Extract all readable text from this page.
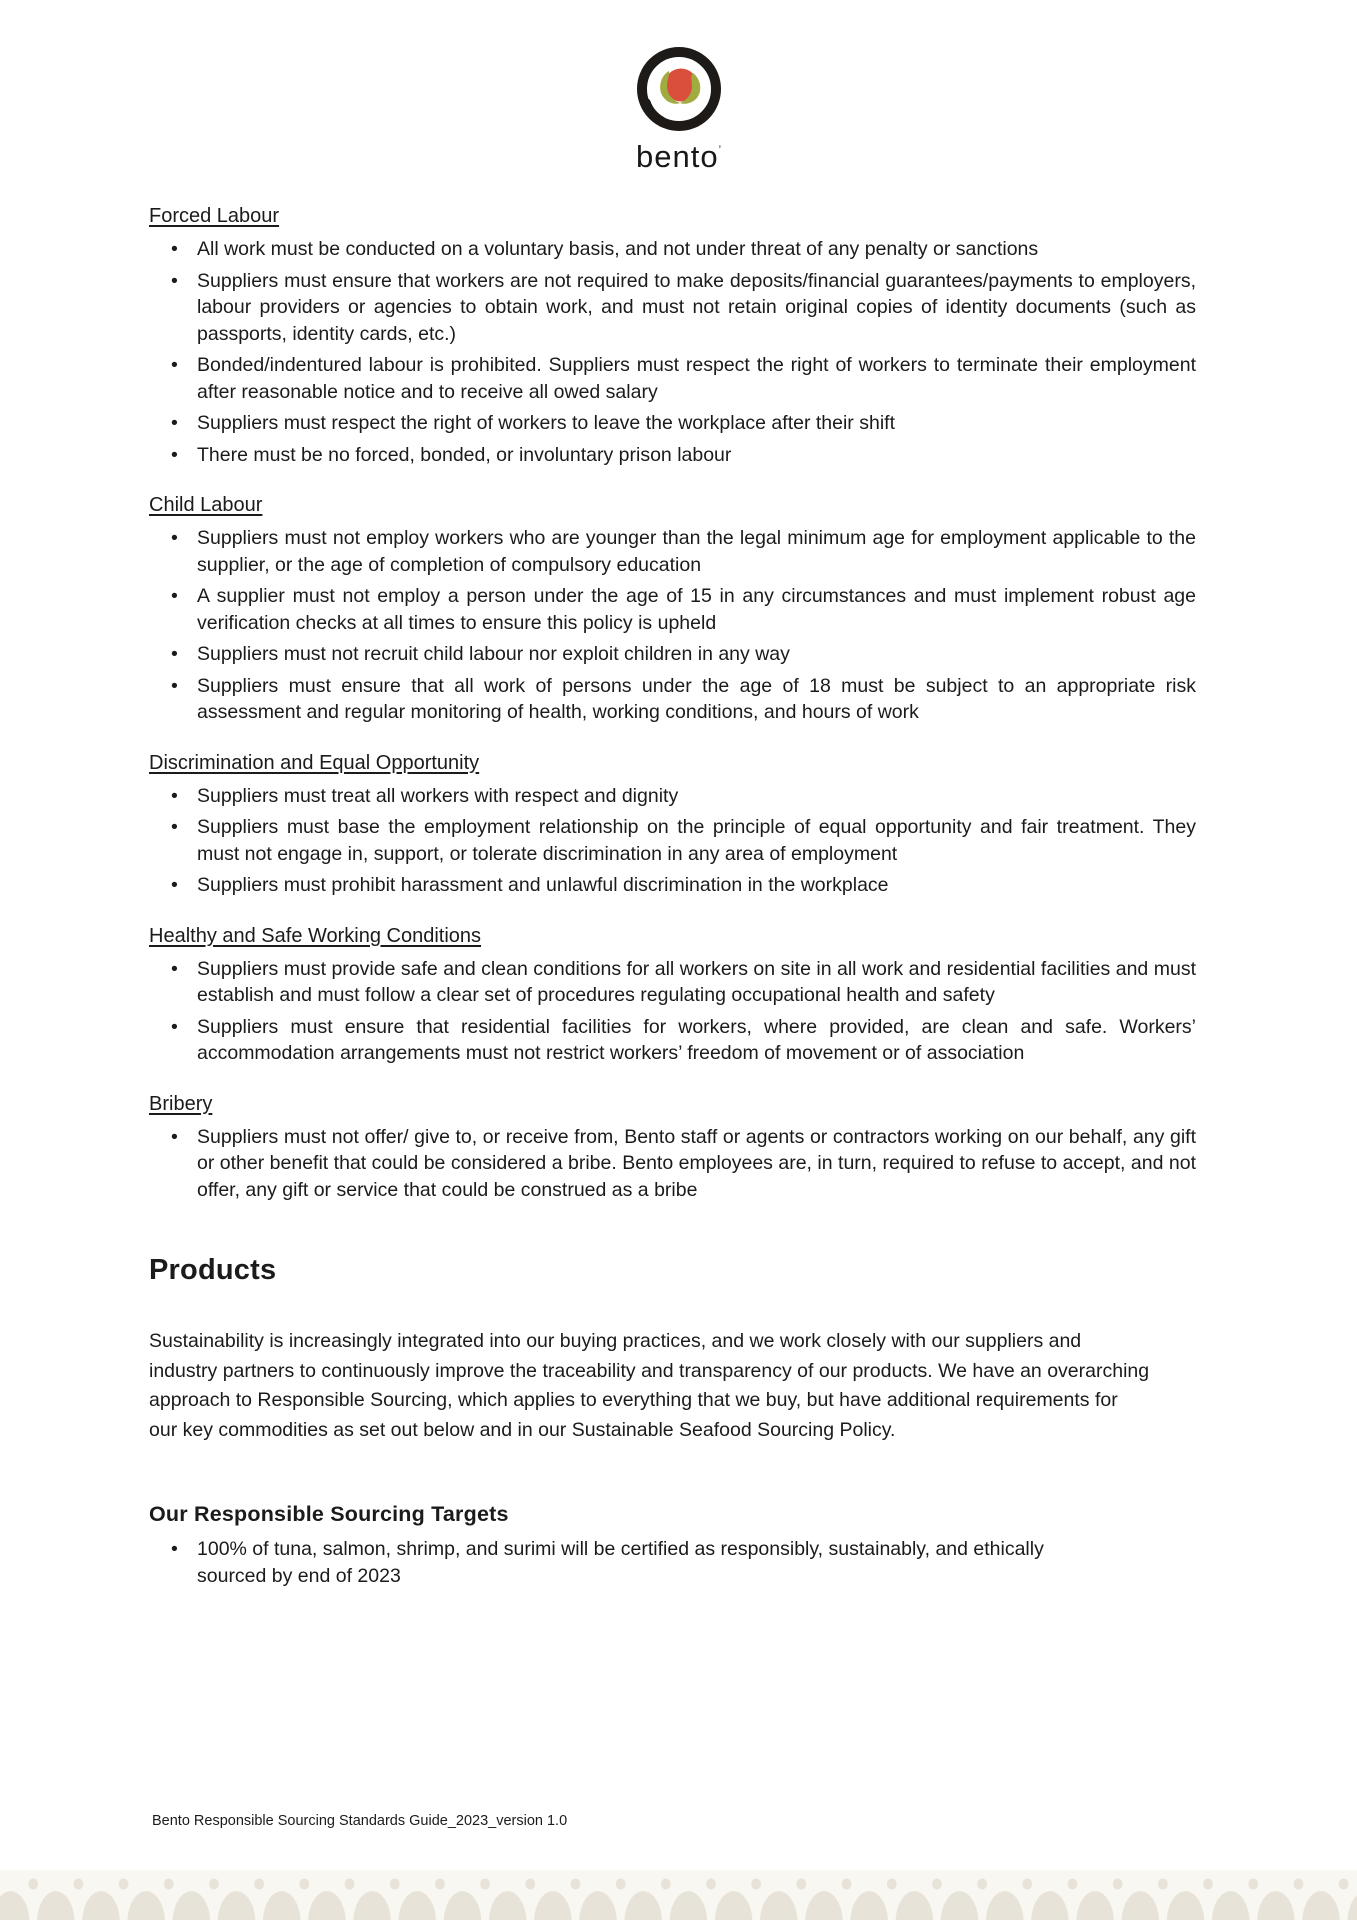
bento’
Forced Labour
• All work must be conducted on a voluntary basis, and not under threat of any penalty or sanctions
• Suppliers must ensure that workers are not required to make deposits/financial guarantees/payments to employers, labour providers or agencies to obtain work, and must not retain original copies of identity documents (such as passports, identity cards, etc.)
• Bonded/indentured labour is prohibited. Suppliers must respect the right of workers to terminate their employment after reasonable notice and to receive all owed salary
• Suppliers must respect the right of workers to leave the workplace after their shift
• There must be no forced, bonded, or involuntary prison labour
Child Labour
• Suppliers must not employ workers who are younger than the legal minimum age for employment applicable to the supplier, or the age of completion of compulsory education
• A supplier must not employ a person under the age of 15 in any circumstances and must implement robust age verification checks at all times to ensure this policy is upheld
• Suppliers must not recruit child labour nor exploit children in any way
• Suppliers must ensure that all work of persons under the age of 18 must be subject to an appropriate risk assessment and regular monitoring of health, working conditions, and hours of work
Discrimination and Equal Opportunity
• Suppliers must treat all workers with respect and dignity
• Suppliers must base the employment relationship on the principle of equal opportunity and fair treatment. They must not engage in, support, or tolerate discrimination in any area of employment
• Suppliers must prohibit harassment and unlawful discrimination in the workplace
Healthy and Safe Working Conditions
• Suppliers must provide safe and clean conditions for all workers on site in all work and residential facilities and must establish and must follow a clear set of procedures regulating occupational health and safety
• Suppliers must ensure that residential facilities for workers, where provided, are clean and safe. Workers’ accommodation arrangements must not restrict workers’ freedom of movement or of association
Bribery
• Suppliers must not offer/ give to, or receive from, Bento staff or agents or contractors working on our behalf, any gift or other benefit that could be considered a bribe. Bento employees are, in turn, required to refuse to accept, and not offer, any gift or service that could be construed as a bribe
Products

Sustainability is increasingly integrated into our buying practices, and we work closely with our suppliers and industry partners to continuously improve the traceability and transparency of our products. We have an overarching approach to Responsible Sourcing, which applies to everything that we buy, but have additional requirements for our key commodities as set out below and in our Sustainable Seafood Sourcing Policy.

Our Responsible Sourcing Targets
• 100% of tuna, salmon, shrimp, and surimi will be certified as responsibly, sustainably, and ethically sourced by end of 2023
Bento Responsible Sourcing Standards Guide_2023_version 1.0
